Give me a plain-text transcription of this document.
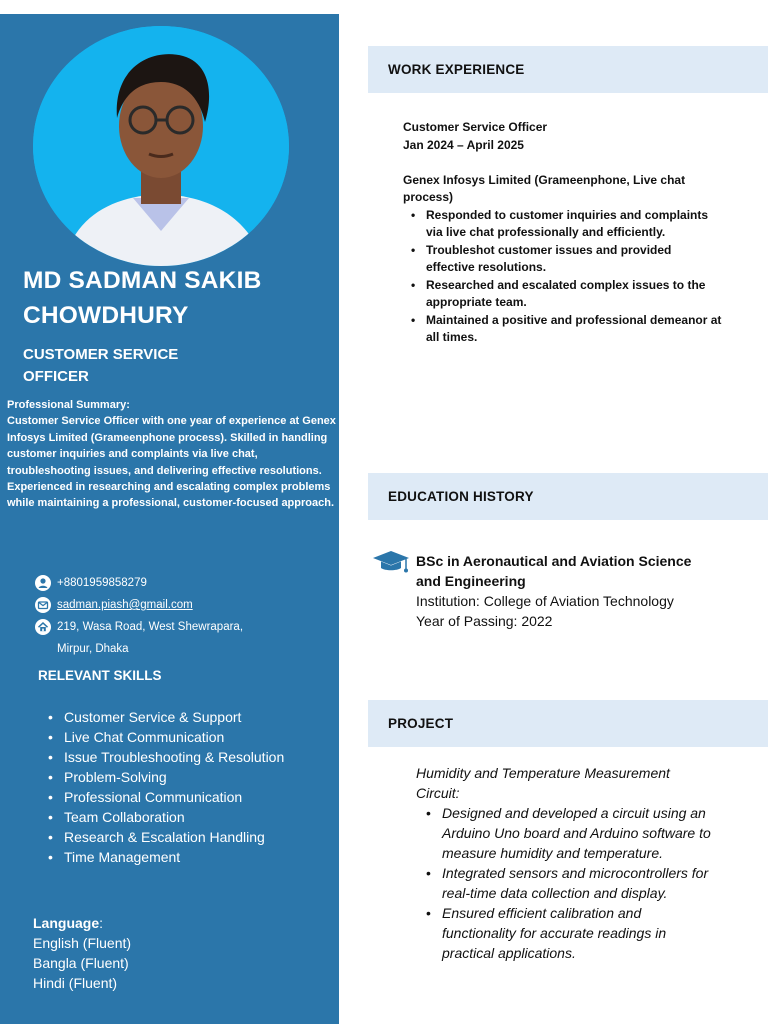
MD SADMAN SAKIB CHOWDHURY
CUSTOMER SERVICE OFFICER
Professional Summary:
Customer Service Officer with one year of experience at Genex Infosys Limited (Grameenphone process). Skilled in handling customer inquiries and complaints via live chat, troubleshooting issues, and delivering effective resolutions. Experienced in researching and escalating complex problems while maintaining a professional, customer-focused approach.
+8801959858279
sadman.piash@gmail.com
219, Wasa Road, West Shewrapara,
Mirpur, Dhaka
RELEVANT SKILLS
• Customer Service & Support
• Live Chat Communication
• Issue Troubleshooting & Resolution
• Problem-Solving
• Professional Communication
• Team Collaboration
• Research & Escalation Handling
• Time Management
Language:
English (Fluent)
Bangla (Fluent)
Hindi (Fluent)
WORK EXPERIENCE
Customer Service Officer
Jan 2024 – April 2025
Genex Infosys Limited (Grameenphone, Live chat process)
• Responded to customer inquiries and complaints via live chat professionally and efficiently.
• Troubleshot customer issues and provided effective resolutions.
• Researched and escalated complex issues to the appropriate team.
• Maintained a positive and professional demeanor at all times.
EDUCATION HISTORY
BSc in Aeronautical and Aviation Science and Engineering
Institution: College of Aviation Technology
Year of Passing: 2022
PROJECT
Humidity and Temperature Measurement Circuit:
• Designed and developed a circuit using an Arduino Uno board and Arduino software to measure humidity and temperature.
• Integrated sensors and microcontrollers for real-time data collection and display.
• Ensured efficient calibration and functionality for accurate readings in practical applications.
